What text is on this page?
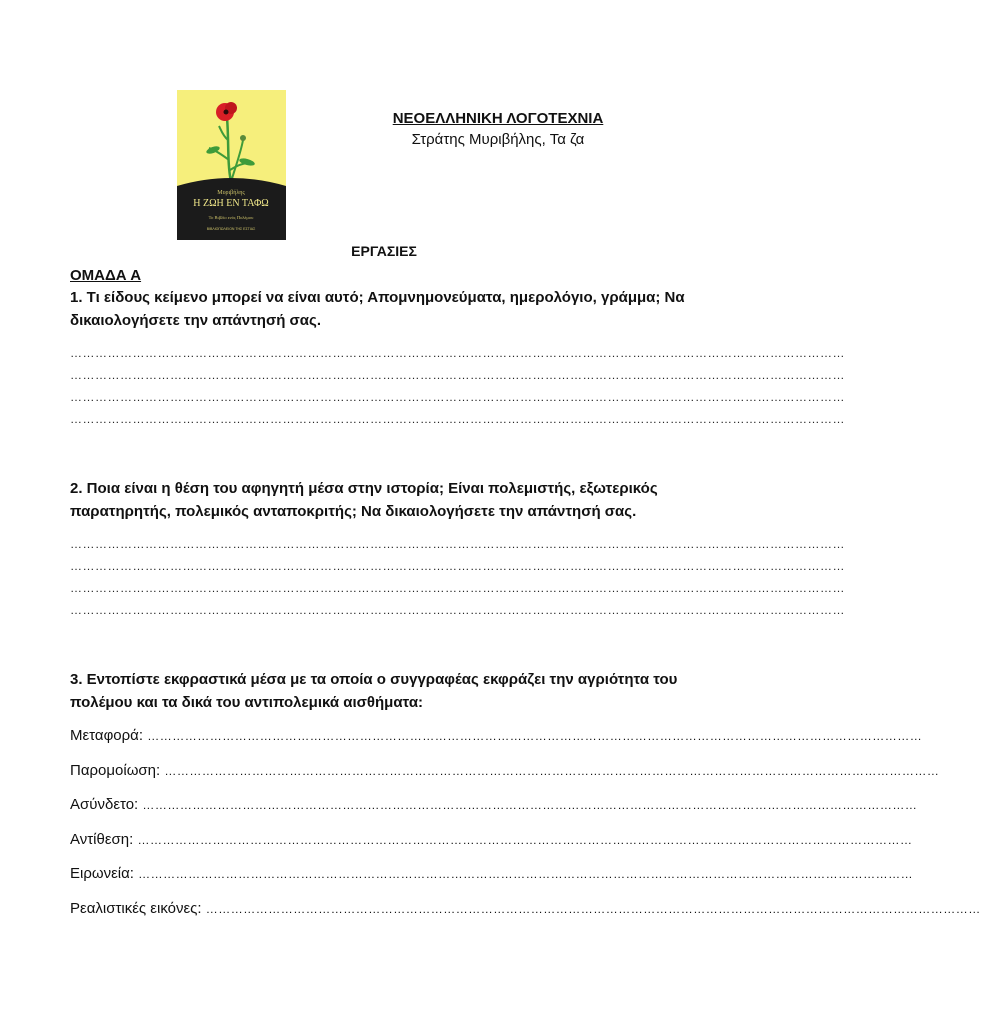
Μυριβήλης
Η ΖΩΗ ΕΝ ΤΑΦΩ
Το Βιβλίο ενός Πολέμου
ΒΙΒΛΙΟΠΩΛΕΙΟΝ ΤΗΣ ΕΣΤΙΑΣ
ΝΕΟΕΛΛΗΝΙΚΗ ΛΟΓΟΤΕΧΝΙΑ
Στράτης Μυριβήλης, Τα ζα
ΕΡΓΑΣΙΕΣ
ΟΜΑΔΑ Α
1. Τι είδους κείμενο μπορεί να είναι αυτό; Απομνημονεύματα, ημερολόγιο, γράμμα; Να δικαιολογήσετε την απάντησή σας.
……………………………………………………………………………………………………………………………………………………………………
……………………………………………………………………………………………………………………………………………………………………
……………………………………………………………………………………………………………………………………………………………………
……………………………………………………………………………………………………………………………………………………………………
2. Ποια είναι η θέση του αφηγητή μέσα στην ιστορία; Είναι πολεμιστής, εξωτερικός παρατηρητής, πολεμικός ανταποκριτής; Να δικαιολογήσετε την απάντησή σας.
……………………………………………………………………………………………………………………………………………………………………
……………………………………………………………………………………………………………………………………………………………………
……………………………………………………………………………………………………………………………………………………………………
……………………………………………………………………………………………………………………………………………………………………
3. Εντοπίστε εκφραστικά μέσα με τα οποία ο συγγραφέας εκφράζει την αγριότητα του πολέμου και τα δικά του αντιπολεμικά αισθήματα:
Μεταφορά: ……………………………………………………………………………………………………………………………………………………………………
Παρομοίωση: ……………………………………………………………………………………………………………………………………………………………………
Ασύνδετο: ……………………………………………………………………………………………………………………………………………………………………
Αντίθεση: ……………………………………………………………………………………………………………………………………………………………………
Ειρωνεία: ……………………………………………………………………………………………………………………………………………………………………
Ρεαλιστικές εικόνες: ……………………………………………………………………………………………………………………………………………………………………
